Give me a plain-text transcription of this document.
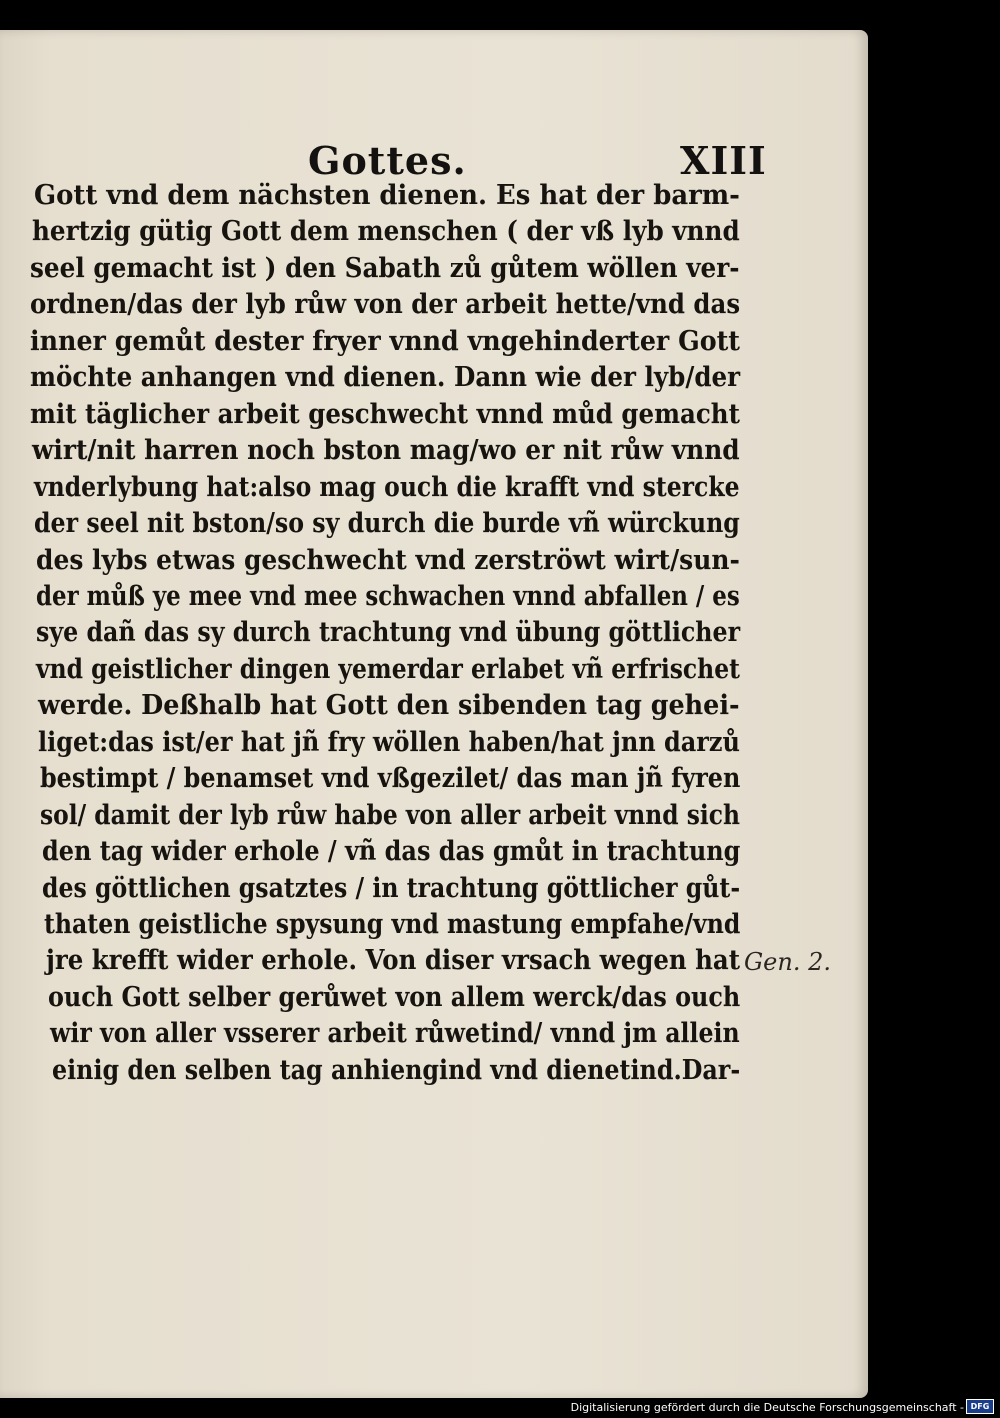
Gottes.	XIII
Gott vnd dem nächsten dienen. Es hat der barm-
hertzig gütig Gott dem menschen ( der vß lyb vnnd
seel gemacht ist ) den Sabath zů gůtem wöllen ver-
ordnen/das der lyb růw von der arbeit hette/vnd das
inner gemůt dester fryer vnnd vngehinderter Gott
möchte anhangen vnd dienen. Dann wie der lyb/der
mit täglicher arbeit geschwecht vnnd můd gemacht
wirt/nit harren noch bston mag/wo er nit růw vnnd
vnderlybung hat:also mag ouch die krafft vnd stercke
der seel nit bston/so sy durch die burde vñ würckung
des lybs etwas geschwecht vnd zerströwt wirt/sun-
der můß ye mee vnd mee schwachen vnnd abfallen / es
sye dañ das sy durch trachtung vnd übung göttlicher
vnd geistlicher dingen yemerdar erlabet vñ erfrischet
werde. Deßhalb hat Gott den sibenden tag gehei-
liget:das ist/er hat jñ fry wöllen haben/hat jnn darzů
bestimpt / benamset vnd vßgezilet/ das man jñ fyren
sol/ damit der lyb růw habe von aller arbeit vnnd sich
den tag wider erhole / vñ das das gmůt in trachtung
des göttlichen gsatztes / in trachtung göttlicher gůt-
thaten geistliche spysung vnd mastung empfahe/vnd
jre krefft wider erhole. Von diser vrsach wegen hat
ouch Gott selber gerůwet von allem werck/das ouch
wir von aller vsserer arbeit růwetind/ vnnd jm allein
einig den selben tag anhiengind vnd dienetind.Dar-
Gen. 2.
Digitalisierung gefördert durch die Deutsche Forschungsgemeinschaft - DFG
